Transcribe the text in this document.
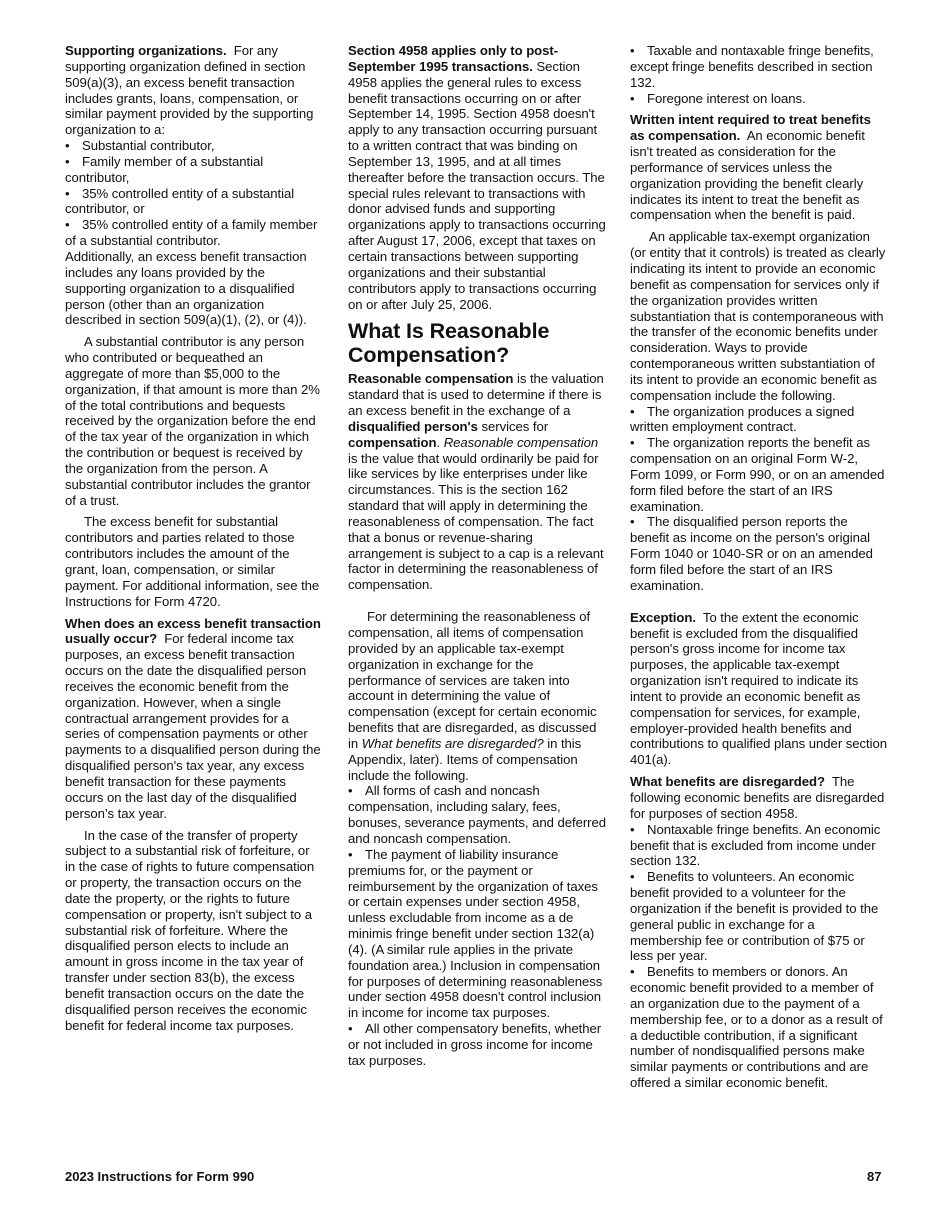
Supporting organizations. For any supporting organization defined in section 509(a)(3), an excess benefit transaction includes grants, loans, compensation, or similar payment provided by the supporting organization to a:

• Substantial contributor,

• Family member of a substantial contributor,

• 35% controlled entity of a substantial contributor, or

• 35% controlled entity of a family member of a substantial contributor.

Additionally, an excess benefit transaction includes any loans provided by the supporting organization to a disqualified person (other than an organization described in section 509(a)(1), (2), or (4)).

A substantial contributor is any person who contributed or bequeathed an aggregate of more than $5,000 to the organization, if that amount is more than 2% of the total contributions and bequests received by the organization before the end of the tax year of the organization in which the contribution or bequest is received by the organization from the person. A substantial contributor includes the grantor of a trust.

The excess benefit for substantial contributors and parties related to those contributors includes the amount of the grant, loan, compensation, or similar payment. For additional information, see the Instructions for Form 4720.

When does an excess benefit transaction usually occur? For federal income tax purposes, an excess benefit transaction occurs on the date the disqualified person receives the economic benefit from the organization. However, when a single contractual arrangement provides for a series of compensation payments or other payments to a disqualified person during the disqualified person's tax year, any excess benefit transaction for these payments occurs on the last day of the disqualified person’s tax year.

In the case of the transfer of property subject to a substantial risk of forfeiture, or in the case of rights to future compensation or property, the transaction occurs on the date the property, or the rights to future compensation or property, isn't subject to a substantial risk of forfeiture. Where the disqualified person elects to include an amount in gross income in the tax year of transfer under section 83(b), the excess benefit transaction occurs on the date the disqualified person receives the economic benefit for federal income tax purposes.

Section 4958 applies only to post-September 1995 transactions. Section 4958 applies the general rules to excess benefit transactions occurring on or after September 14, 1995. Section 4958 doesn't apply to any transaction occurring pursuant to a written contract that was binding on September 13, 1995, and at all times thereafter before the transaction occurs. The special rules relevant to transactions with donor advised funds and supporting organizations apply to transactions occurring after August 17, 2006, except that taxes on certain transactions between supporting organizations and their substantial contributors apply to transactions occurring on or after July 25, 2006.

What Is Reasonable Compensation?

Reasonable compensation is the valuation standard that is used to determine if there is an excess benefit in the exchange of a disqualified person's services for compensation. Reasonable compensation is the value that would ordinarily be paid for like services by like enterprises under like circumstances. This is the section 162 standard that will apply in determining the reasonableness of compensation. The fact that a bonus or revenue-sharing arrangement is subject to a cap is a relevant factor in determining the reasonableness of compensation.

For determining the reasonableness of compensation, all items of compensation provided by an applicable tax-exempt organization in exchange for the performance of services are taken into account in determining the value of compensation (except for certain economic benefits that are disregarded, as discussed in What benefits are disregarded? in this Appendix, later). Items of compensation include the following.

• All forms of cash and noncash compensation, including salary, fees, bonuses, severance payments, and deferred and noncash compensation.

• The payment of liability insurance premiums for, or the payment or reimbursement by the organization of taxes or certain expenses under section 4958, unless excludable from income as a de minimis fringe benefit under section 132(a)(4). (A similar rule applies in the private foundation area.) Inclusion in compensation for purposes of determining reasonableness under section 4958 doesn't control inclusion in income for income tax purposes.

• All other compensatory benefits, whether or not included in gross income for income tax purposes.

• Taxable and nontaxable fringe benefits, except fringe benefits described in section 132.

• Foregone interest on loans.

Written intent required to treat benefits as compensation. An economic benefit isn't treated as consideration for the performance of services unless the organization providing the benefit clearly indicates its intent to treat the benefit as compensation when the benefit is paid.

An applicable tax-exempt organization (or entity that it controls) is treated as clearly indicating its intent to provide an economic benefit as compensation for services only if the organization provides written substantiation that is contemporaneous with the transfer of the economic benefits under consideration. Ways to provide contemporaneous written substantiation of its intent to provide an economic benefit as compensation include the following.

• The organization produces a signed written employment contract.

• The organization reports the benefit as compensation on an original Form W-2, Form 1099, or Form 990, or on an amended form filed before the start of an IRS examination.

• The disqualified person reports the benefit as income on the person's original Form 1040 or 1040-SR or on an amended form filed before the start of an IRS examination.

Exception. To the extent the economic benefit is excluded from the disqualified person's gross income for income tax purposes, the applicable tax-exempt organization isn't required to indicate its intent to provide an economic benefit as compensation for services, for example, employer-provided health benefits and contributions to qualified plans under section 401(a).

What benefits are disregarded? The following economic benefits are disregarded for purposes of section 4958.

• Nontaxable fringe benefits. An economic benefit that is excluded from income under section 132.

• Benefits to volunteers. An economic benefit provided to a volunteer for the organization if the benefit is provided to the general public in exchange for a membership fee or contribution of $75 or less per year.

• Benefits to members or donors. An economic benefit provided to a member of an organization due to the payment of a membership fee, or to a donor as a result of a deductible contribution, if a significant number of nondisqualified persons make similar payments or contributions and are offered a similar economic benefit.

2023 Instructions for Form 990	87
